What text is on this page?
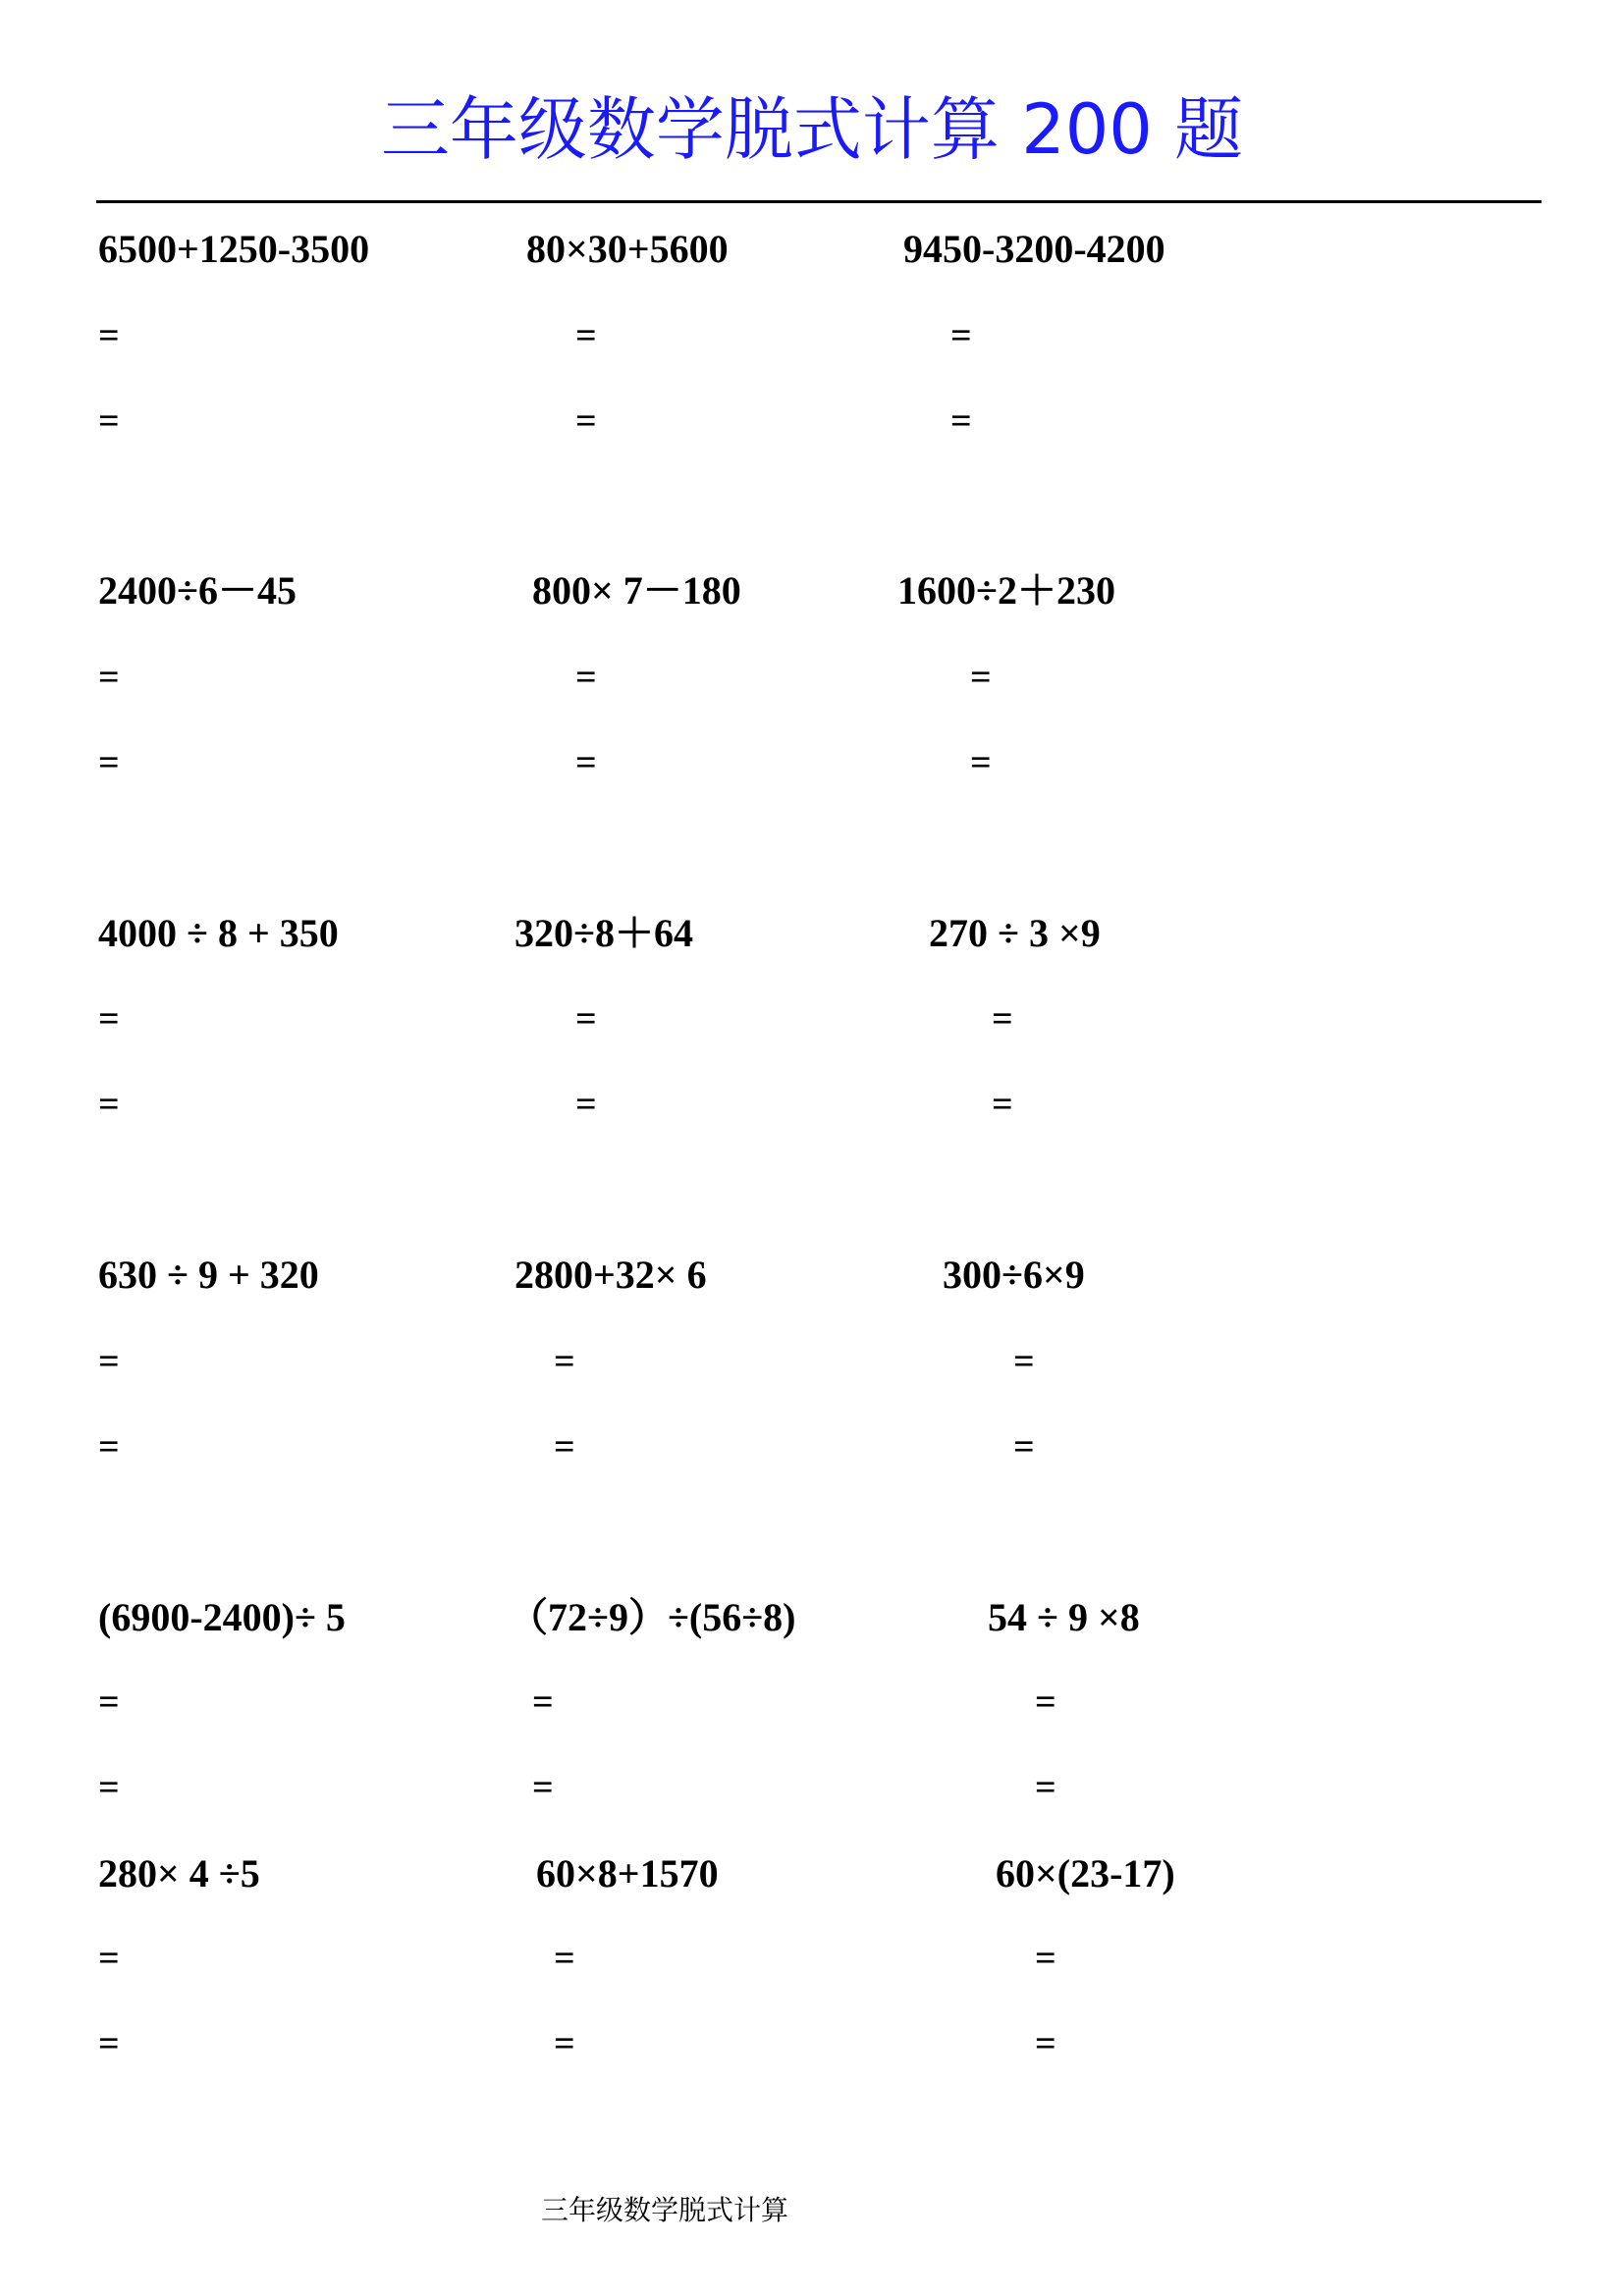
三年级数学脱式计算 200 题
6500+1250-3500
=
=
80×30+5600
=
=
9450-3200-4200
=
=
2400÷6－45
=
=
800× 7－180
=
=
1600÷2＋230
=
=
4000 ÷ 8 + 350
=
=
320÷8＋64
=
=
270 ÷ 3 ×9
=
=
630 ÷ 9 + 320
=
=
2800+32× 6
=
=
300÷6×9
=
=
(6900-2400)÷ 5
=
=
（72÷9）÷(56÷8)
=
=
54 ÷ 9 ×8
=
=
280× 4 ÷5
=
=
60×8+1570
=
=
60×(23-17)
=
=
三年级数学脱式计算
